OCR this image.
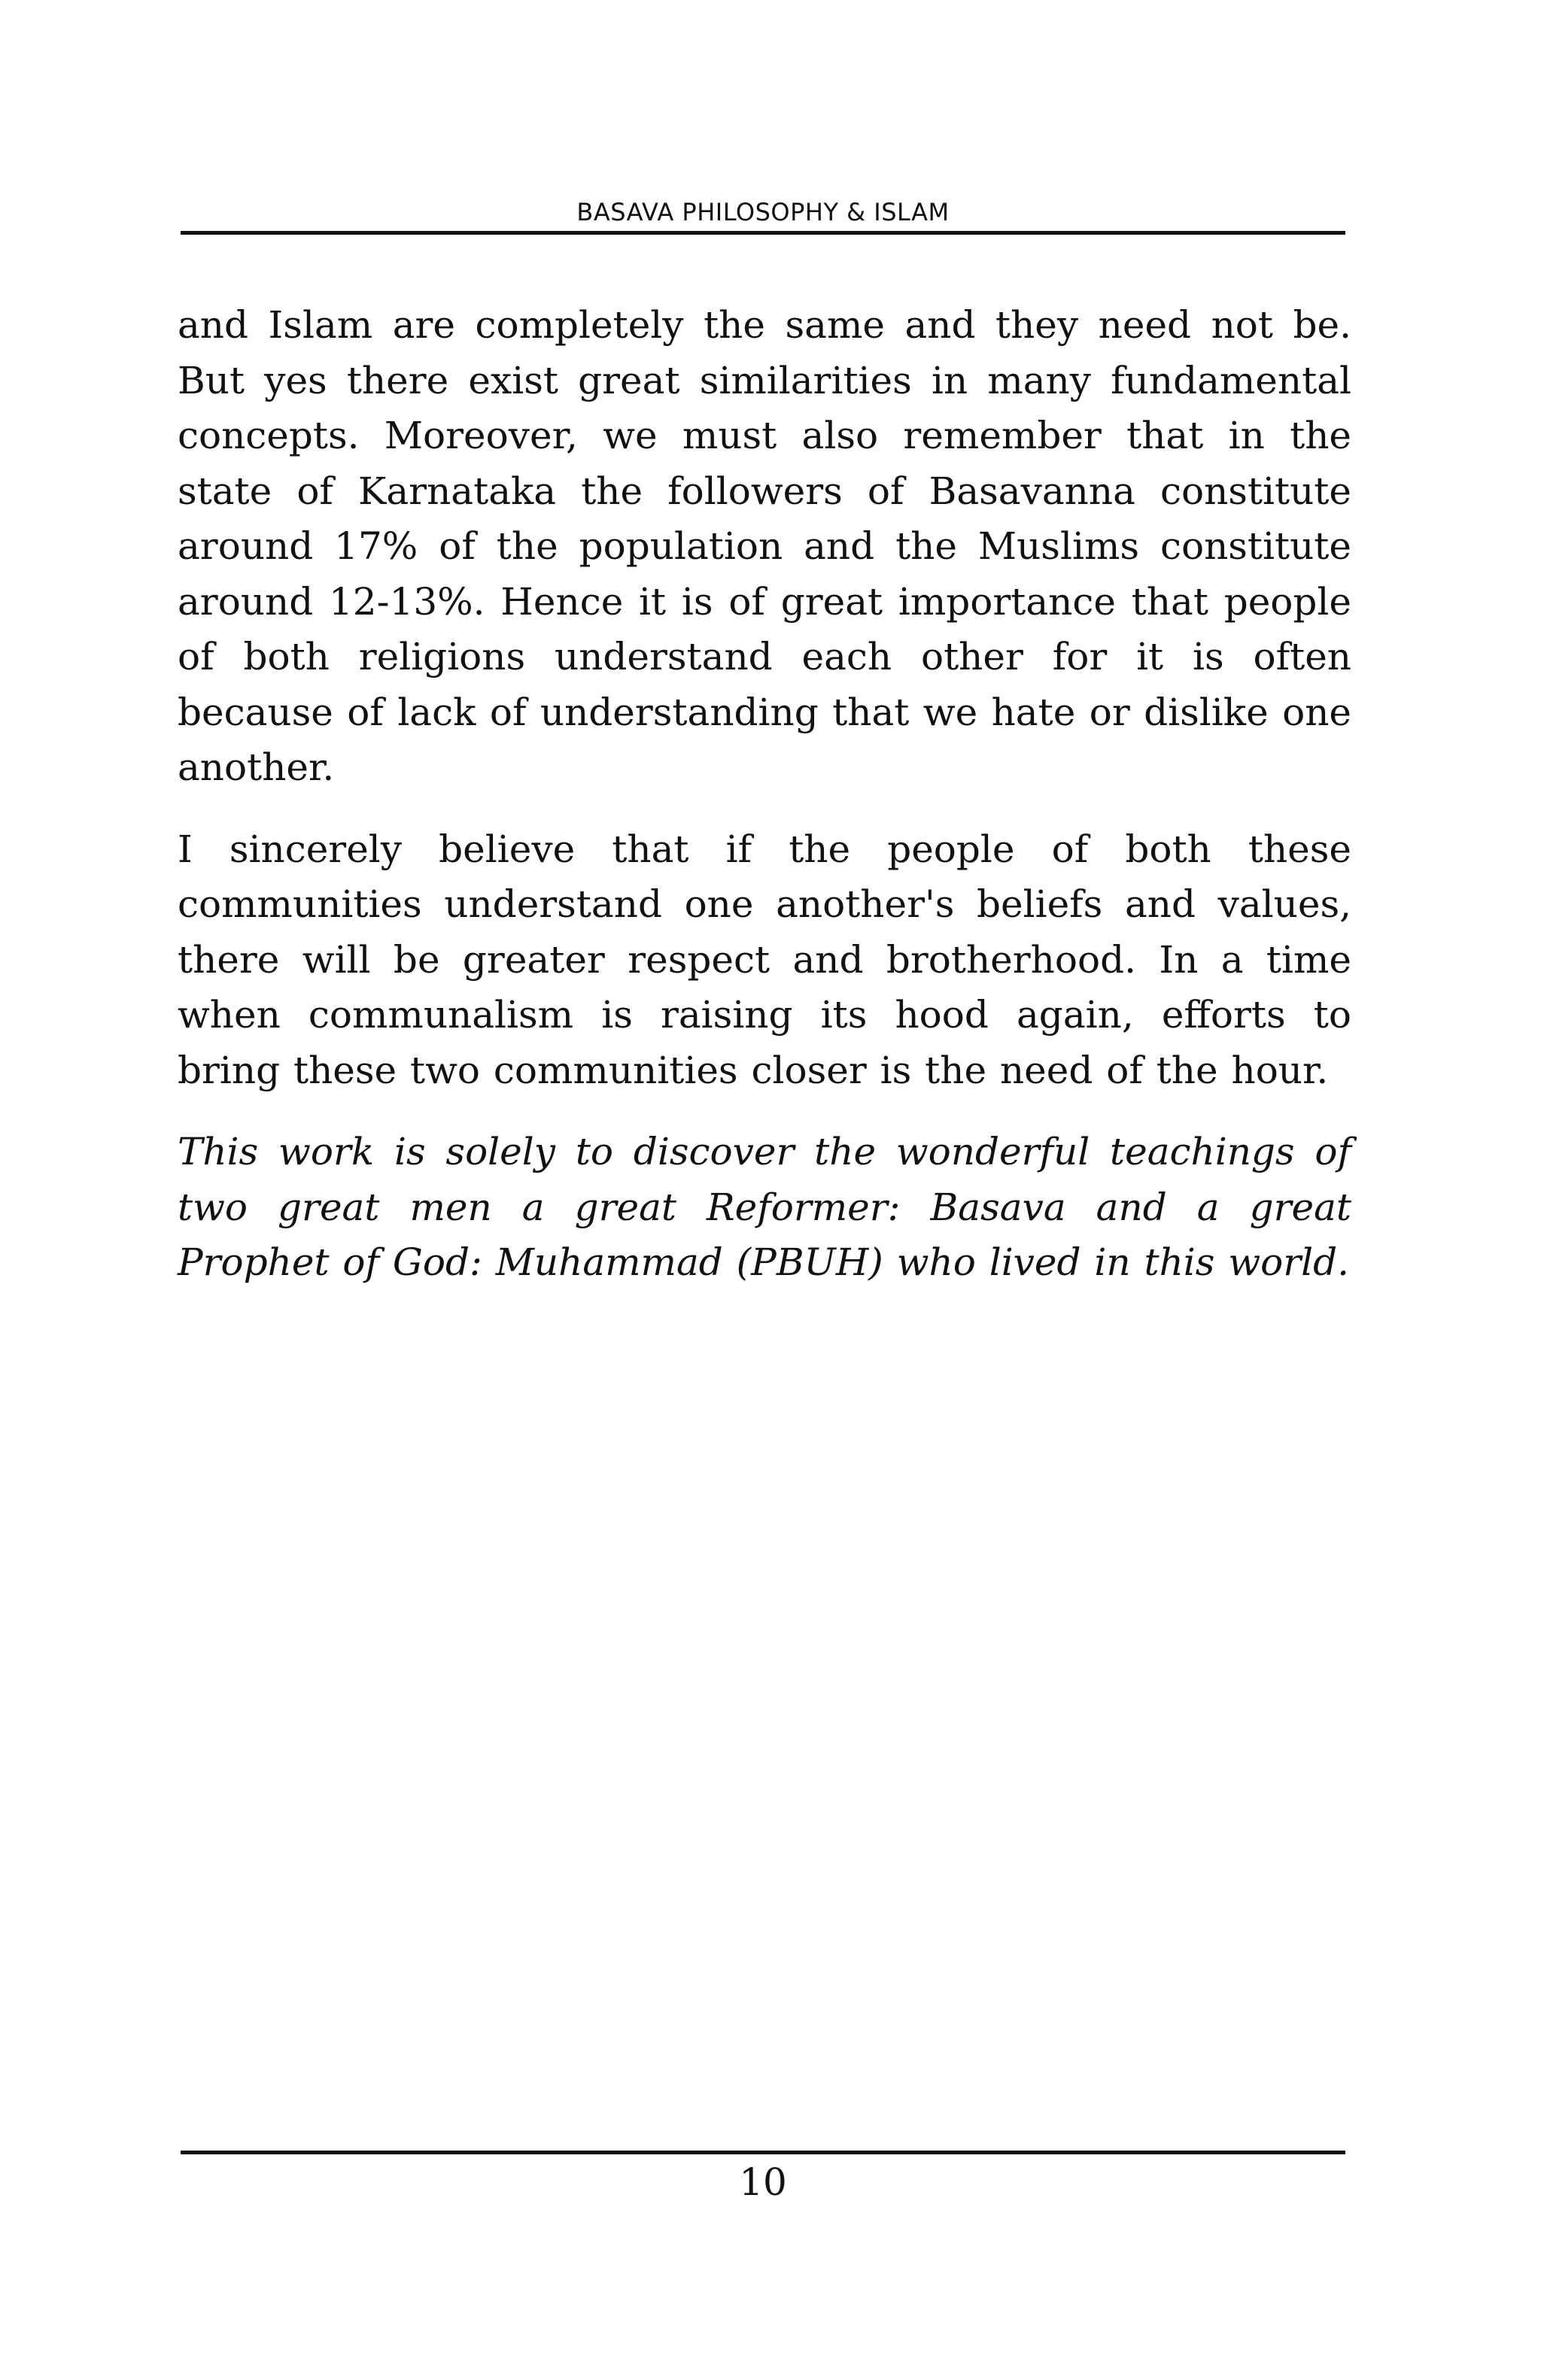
BASAVA PHILOSOPHY & ISLAM

and Islam are completely the same and they need not be. But yes there exist great similarities in many fundamental concepts. Moreover, we must also remember that in the state of Karnataka the followers of Basavanna constitute around 17% of the population and the Muslims constitute around 12-13%. Hence it is of great importance that people of both religions understand each other for it is often because of lack of understanding that we hate or dislike one another.

I sincerely believe that if the people of both these communities understand one another's beliefs and values, there will be greater respect and brotherhood. In a time when communalism is raising its hood again, efforts to bring these two communities closer is the need of the hour.

This work is solely to discover the wonderful teachings of two great men a great Reformer: Basava and a great Prophet of God: Muhammad (PBUH) who lived in this world.

10
